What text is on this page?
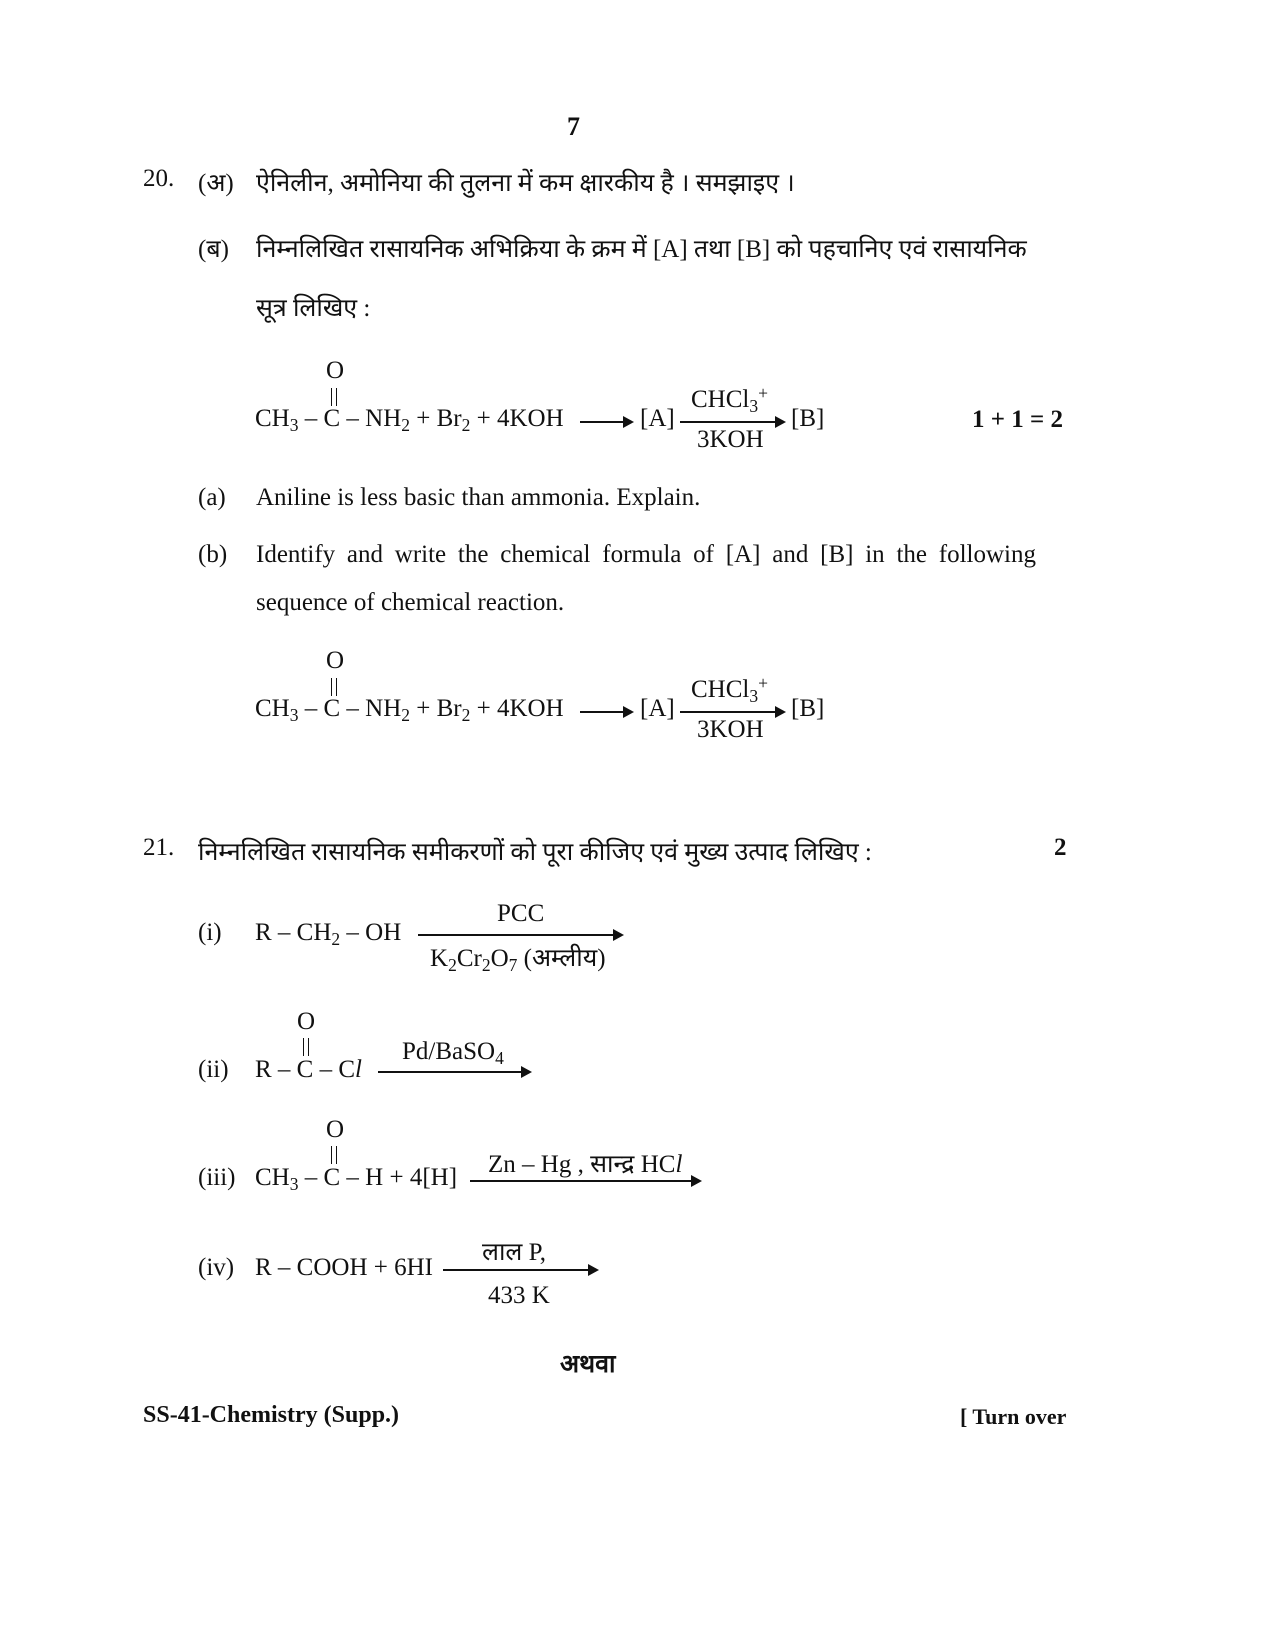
7
20. (अ) ऐनिलीन, अमोनिया की तुलना में कम क्षारकीय है । समझाइए ।
(ब) निम्नलिखित रासायनिक अभिक्रिया के क्रम में [A] तथा [B] को पहचानिए एवं रासायनिक
सूत्र लिखिए :
O
$CH_3 - C - NH_2 + Br_2 + 4KOH \to [A]$
CHCl$_3$+
3KOH
[B]	1 + 1 = 2
(a) Aniline is less basic than ammonia. Explain.
(b) Identify and write the chemical formula of [A] and [B] in the following
sequence of chemical reaction.
O
$CH_3 - C - NH_2 + Br_2 + 4KOH \to [A]$
CHCl$_3$+
3KOH
[B]
21. निम्नलिखित रासायनिक समीकरणों को पूरा कीजिए एवं मुख्य उत्पाद लिखिए :	2
(i) R – $CH_2$ – OH
PCC
$K_2Cr_2O_7$ (अम्लीय)
O
(ii) R – C – Cl
Pd/BaSO$_4$
O
(iii) $CH_3 - C - H + 4[H]$ Zn – Hg , सान्द्र HCl
(iv) R – COOH + 6HI
लाल P,
433 K
अथवा
SS-41-Chemistry (Supp.)	[ Turn over
